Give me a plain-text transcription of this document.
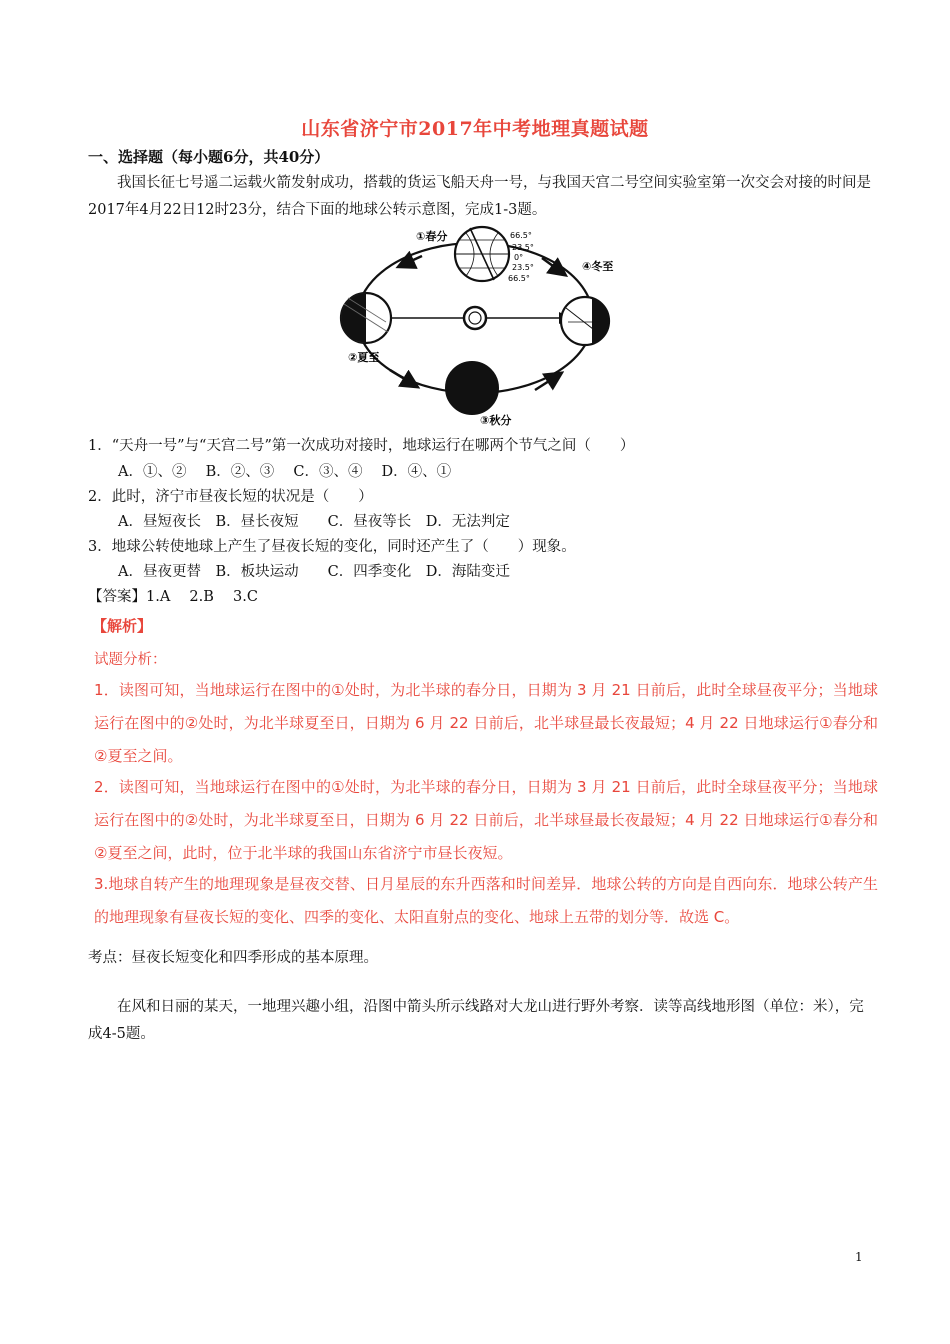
山东省济宁市2017年中考地理真题试题
一、选择题（每小题6分，共40分）

我国长征七号遥二运载火箭发射成功，搭载的货运飞船天舟一号，与我国天宫二号空间实验室第一次交会对接的时间是2017年4月22日12时23分，结合下面的地球公转示意图，完成1-3题。

①春分	66.5°
23.5°
0°
23.5°
66.5°
②夏至
④冬至
③秋分
1．“天舟一号”与“天宫二号”第一次成功对接时，地球运行在哪两个节气之间（　　）
A．①、②　 B．②、③　 C．③、④　 D．④、①
2．此时，济宁市昼夜长短的状况是（　　）
A．昼短夜长　B．昼长夜短　　C．昼夜等长　D．无法判定
3．地球公转使地球上产生了昼夜长短的变化，同时还产生了（　　）现象。
A．昼夜更替　B．板块运动　　C．四季变化　D．海陆变迁
【答案】1.A　 2.B　 3.C
【解析】
试题分析：

1．读图可知，当地球运行在图中的①处时，为北半球的春分日，日期为 3 月 21 日前后，此时全球昼夜平分；当地球运行在图中的②处时，为北半球夏至日，日期为 6 月 22 日前后，北半球昼最长夜最短；4 月 22 日地球运行①春分和②夏至之间。

2．读图可知，当地球运行在图中的①处时，为北半球的春分日，日期为 3 月 21 日前后，此时全球昼夜平分；当地球运行在图中的②处时，为北半球夏至日，日期为 6 月 22 日前后，北半球昼最长夜最短；4 月 22 日地球运行①春分和②夏至之间，此时，位于北半球的我国山东省济宁市昼长夜短。

3.地球自转产生的地理现象是昼夜交替、日月星辰的东升西落和时间差异．地球公转的方向是自西向东．地球公转产生的地理现象有昼夜长短的变化、四季的变化、太阳直射点的变化、地球上五带的划分等．故选 C。

考点：昼夜长短变化和四季形成的基本原理。

在风和日丽的某天，一地理兴趣小组，沿图中箭头所示线路对大龙山进行野外考察．读等高线地形图（单位：米），完成4-5题。

1
